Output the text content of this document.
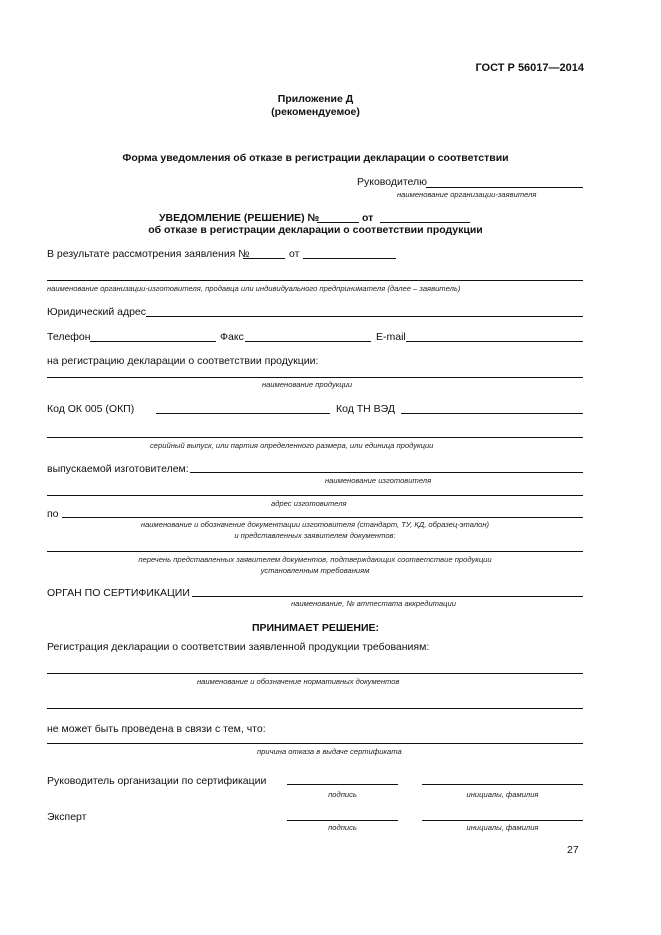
ГОСТ Р 56017—2014
Приложение Д
(рекомендуемое)
Форма уведомления об отказе в регистрации декларации о соответствии
Руководителю
наименование организации-заявителя
УВЕДОМЛЕНИЕ (РЕШЕНИЕ) №	от
об отказе в регистрации декларации о соответствии продукции
В результате рассмотрения заявления №	от
наименование организации-изготовителя, продавца или индивидуального предпринимателя (далее – заявитель)
Юридический адрес
Телефон	Факс	E-mail
на регистрацию декларации о соответствии продукции:
наименование продукции
Код ОК 005 (ОКП)	Код ТН ВЭД
серийный выпуск, или партия определенного размера, или единица продукции
выпускаемой изготовителем:
наименование изготовителя
адрес изготовителя
по
наименование и обозначение документации изготовителя (стандарт, ТУ, КД, образец-эталон)
и представленных заявителем документов:
перечень представленных заявителем документов, подтверждающих соответствие продукции
установленным требованиям
ОРГАН ПО СЕРТИФИКАЦИИ
наименование, № аттестата аккредитации
ПРИНИМАЕТ РЕШЕНИЕ:
Регистрация декларации о соответствии заявленной продукции требованиям:
наименование и обозначение нормативных документов
не может быть проведена в связи с тем, что:
причина отказа в выдаче сертификата
Руководитель организации по сертификации
подпись	инициалы, фамилия
Эксперт
подпись	инициалы, фамилия
27
